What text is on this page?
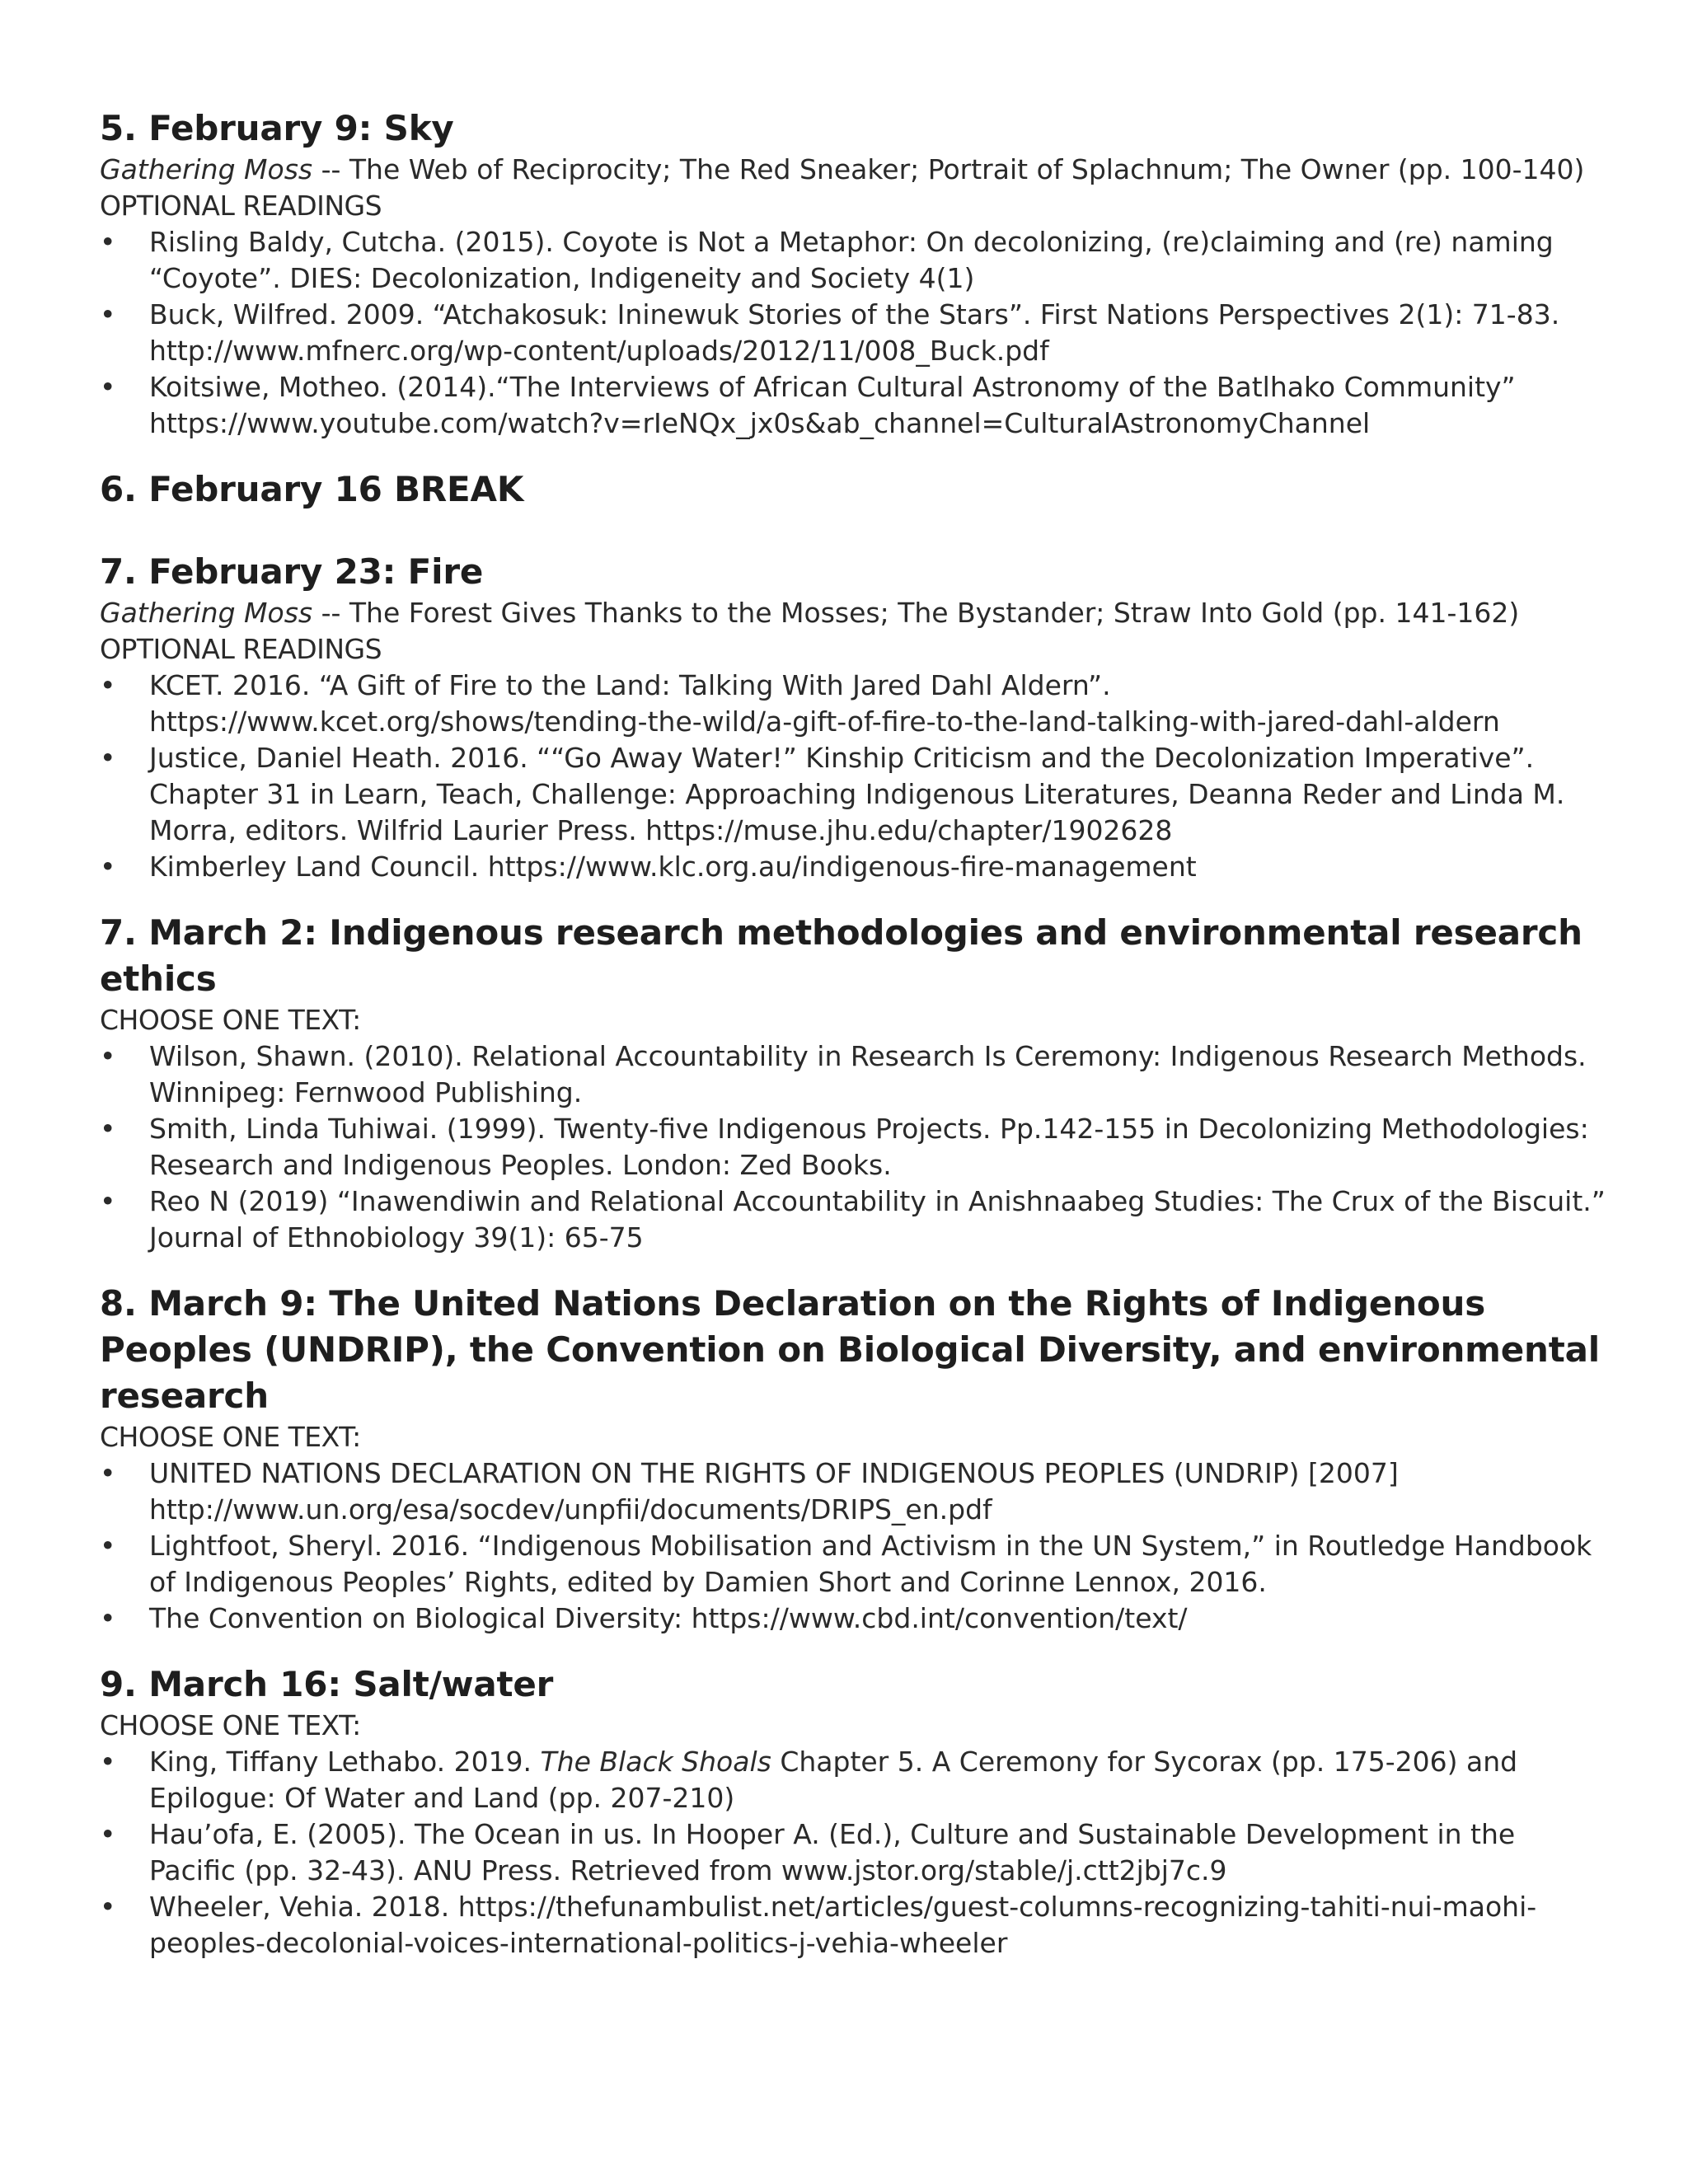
5. February 9: Sky

Gathering Moss -- The Web of Reciprocity; The Red Sneaker; Portrait of Splachnum; The Owner (pp. 100-140)

OPTIONAL READINGS

•	Risling Baldy, Cutcha. (2015). Coyote is Not a Metaphor: On decolonizing, (re)claiming and (re) naming “Coyote”. DIES: Decolonization, Indigeneity and Society 4(1)
•	Buck, Wilfred. 2009. “Atchakosuk: Ininewuk Stories of the Stars”. First Nations Perspectives 2(1): 71-83. http://www.mfnerc.org/wp-content/uploads/2012/11/008_Buck.pdf
•	Koitsiwe, Motheo. (2014).“The Interviews of African Cultural Astronomy of the Batlhako Community” https://www.youtube.com/watch?v=rIeNQx_jx0s&ab_channel=CulturalAstronomyChannel
6. February 16 BREAK
7. February 23: Fire

Gathering Moss -- The Forest Gives Thanks to the Mosses; The Bystander; Straw Into Gold (pp. 141-162)

OPTIONAL READINGS

•	KCET. 2016. “A Gift of Fire to the Land: Talking With Jared Dahl Aldern”. https://www.kcet.org/shows/tending-the-wild/a-gift-of-fire-to-the-land-talking-with-jared-dahl-aldern
•	Justice, Daniel Heath. 2016. ““Go Away Water!” Kinship Criticism and the Decolonization Imperative”. Chapter 31 in Learn, Teach, Challenge: Approaching Indigenous Literatures, Deanna Reder and Linda M. Morra, editors. Wilfrid Laurier Press. https://muse.jhu.edu/chapter/1902628
•	Kimberley Land Council. https://www.klc.org.au/indigenous-fire-management
7. March 2: Indigenous research methodologies and environmental research ethics

CHOOSE ONE TEXT:

•	Wilson, Shawn. (2010). Relational Accountability in Research Is Ceremony: Indigenous Research Methods. Winnipeg: Fernwood Publishing.
•	Smith, Linda Tuhiwai. (1999). Twenty-five Indigenous Projects. Pp.142-155 in Decolonizing Methodologies: Research and Indigenous Peoples. London: Zed Books.
•	Reo N (2019) “Inawendiwin and Relational Accountability in Anishnaabeg Studies: The Crux of the Biscuit.” Journal of Ethnobiology 39(1): 65-75
8. March 9: The United Nations Declaration on the Rights of Indigenous Peoples (UNDRIP), the Convention on Biological Diversity, and environmental research

CHOOSE ONE TEXT:

•	UNITED NATIONS DECLARATION ON THE RIGHTS OF INDIGENOUS PEOPLES (UNDRIP) [2007] http://www.un.org/esa/socdev/unpfii/documents/DRIPS_en.pdf
•	Lightfoot, Sheryl. 2016. “Indigenous Mobilisation and Activism in the UN System,” in Routledge Handbook of Indigenous Peoples’ Rights, edited by Damien Short and Corinne Lennox, 2016.
•	The Convention on Biological Diversity: https://www.cbd.int/convention/text/
9. March 16: Salt/water

CHOOSE ONE TEXT:

•	King, Tiffany Lethabo. 2019. The Black Shoals Chapter 5. A Ceremony for Sycorax (pp. 175-206) and Epilogue: Of Water and Land (pp. 207-210)
•	Hau’ofa, E. (2005). The Ocean in us. In Hooper A. (Ed.), Culture and Sustainable Development in the Pacific (pp. 32-43). ANU Press. Retrieved from www.jstor.org/stable/j.ctt2jbj7c.9
•	Wheeler, Vehia. 2018. https://thefunambulist.net/articles/guest-columns-recognizing-tahiti-nui-maohi-peoples-decolonial-voices-international-politics-j-vehia-wheeler
